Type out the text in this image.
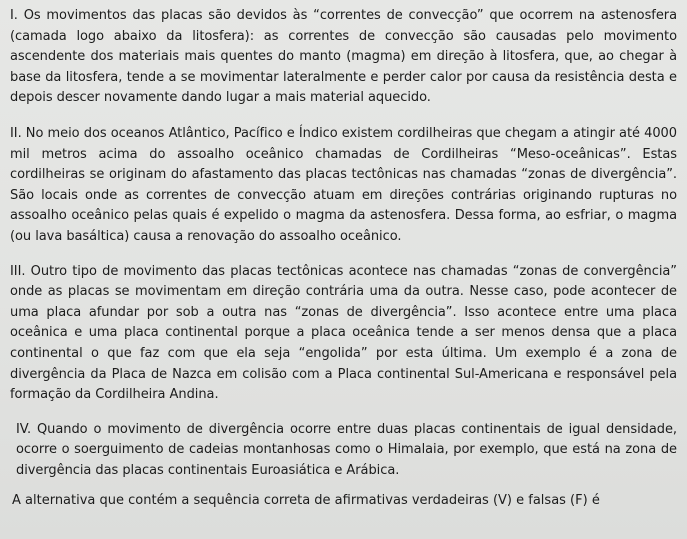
I. Os movimentos das placas são devidos às “correntes de convecção” que ocorrem na astenosfera (camada logo abaixo da litosfera): as correntes de convecção são causadas pelo movimento ascendente dos materiais mais quentes do manto (magma) em direção à litosfera, que, ao chegar à base da litosfera, tende a se movimentar lateralmente e perder calor por causa da resistência desta e depois descer novamente dando lugar a mais material aquecido.

II. No meio dos oceanos Atlântico, Pacífico e Índico existem cordilheiras que chegam a atingir até 4000 mil metros acima do assoalho oceânico chamadas de Cordilheiras “Meso-oceânicas”. Estas cordilheiras se originam do afastamento das placas tectônicas nas chamadas “zonas de divergência”. São locais onde as correntes de convecção atuam em direções contrárias originando rupturas no assoalho oceânico pelas quais é expelido o magma da astenosfera. Dessa forma, ao esfriar, o magma (ou lava basáltica) causa a renovação do assoalho oceânico.

III. Outro tipo de movimento das placas tectônicas acontece nas chamadas “zonas de convergência” onde as placas se movimentam em direção contrária uma da outra. Nesse caso, pode acontecer de uma placa afundar por sob a outra nas “zonas de divergência”. Isso acontece entre uma placa oceânica e uma placa continental porque a placa oceânica tende a ser menos densa que a placa continental o que faz com que ela seja “engolida” por esta última. Um exemplo é a zona de divergência da Placa de Nazca em colisão com a Placa continental Sul-Americana e responsável pela formação da Cordilheira Andina.

IV. Quando o movimento de divergência ocorre entre duas placas continentais de igual densidade, ocorre o soerguimento de cadeias montanhosas como o Himalaia, por exemplo, que está na zona de divergência das placas continentais Euroasiática e Arábica.

A alternativa que contém a sequência correta de afirmativas verdadeiras (V) e falsas (F) é
